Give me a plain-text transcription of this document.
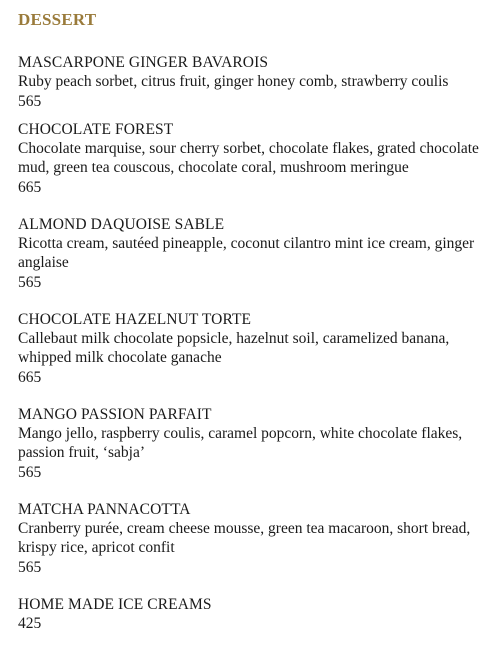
DESSERT
MASCARPONE GINGER BAVAROIS
Ruby peach sorbet, citrus fruit, ginger honey comb, strawberry coulis
565
CHOCOLATE FOREST
Chocolate marquise, sour cherry sorbet, chocolate flakes, grated chocolate mud, green tea couscous, chocolate coral, mushroom meringue
665
ALMOND DAQUOISE SABLE
Ricotta cream, sautéed pineapple, coconut cilantro mint ice cream, ginger anglaise
565
CHOCOLATE HAZELNUT TORTE
Callebaut milk chocolate popsicle, hazelnut soil, caramelized banana, whipped milk chocolate ganache
665
MANGO PASSION PARFAIT
Mango jello, raspberry coulis, caramel popcorn, white chocolate flakes, passion fruit, ‘sabja’
565
MATCHA PANNACOTTA
Cranberry purée, cream cheese mousse, green tea macaroon, short bread, krispy rice, apricot confit
565
HOME MADE ICE CREAMS
425
